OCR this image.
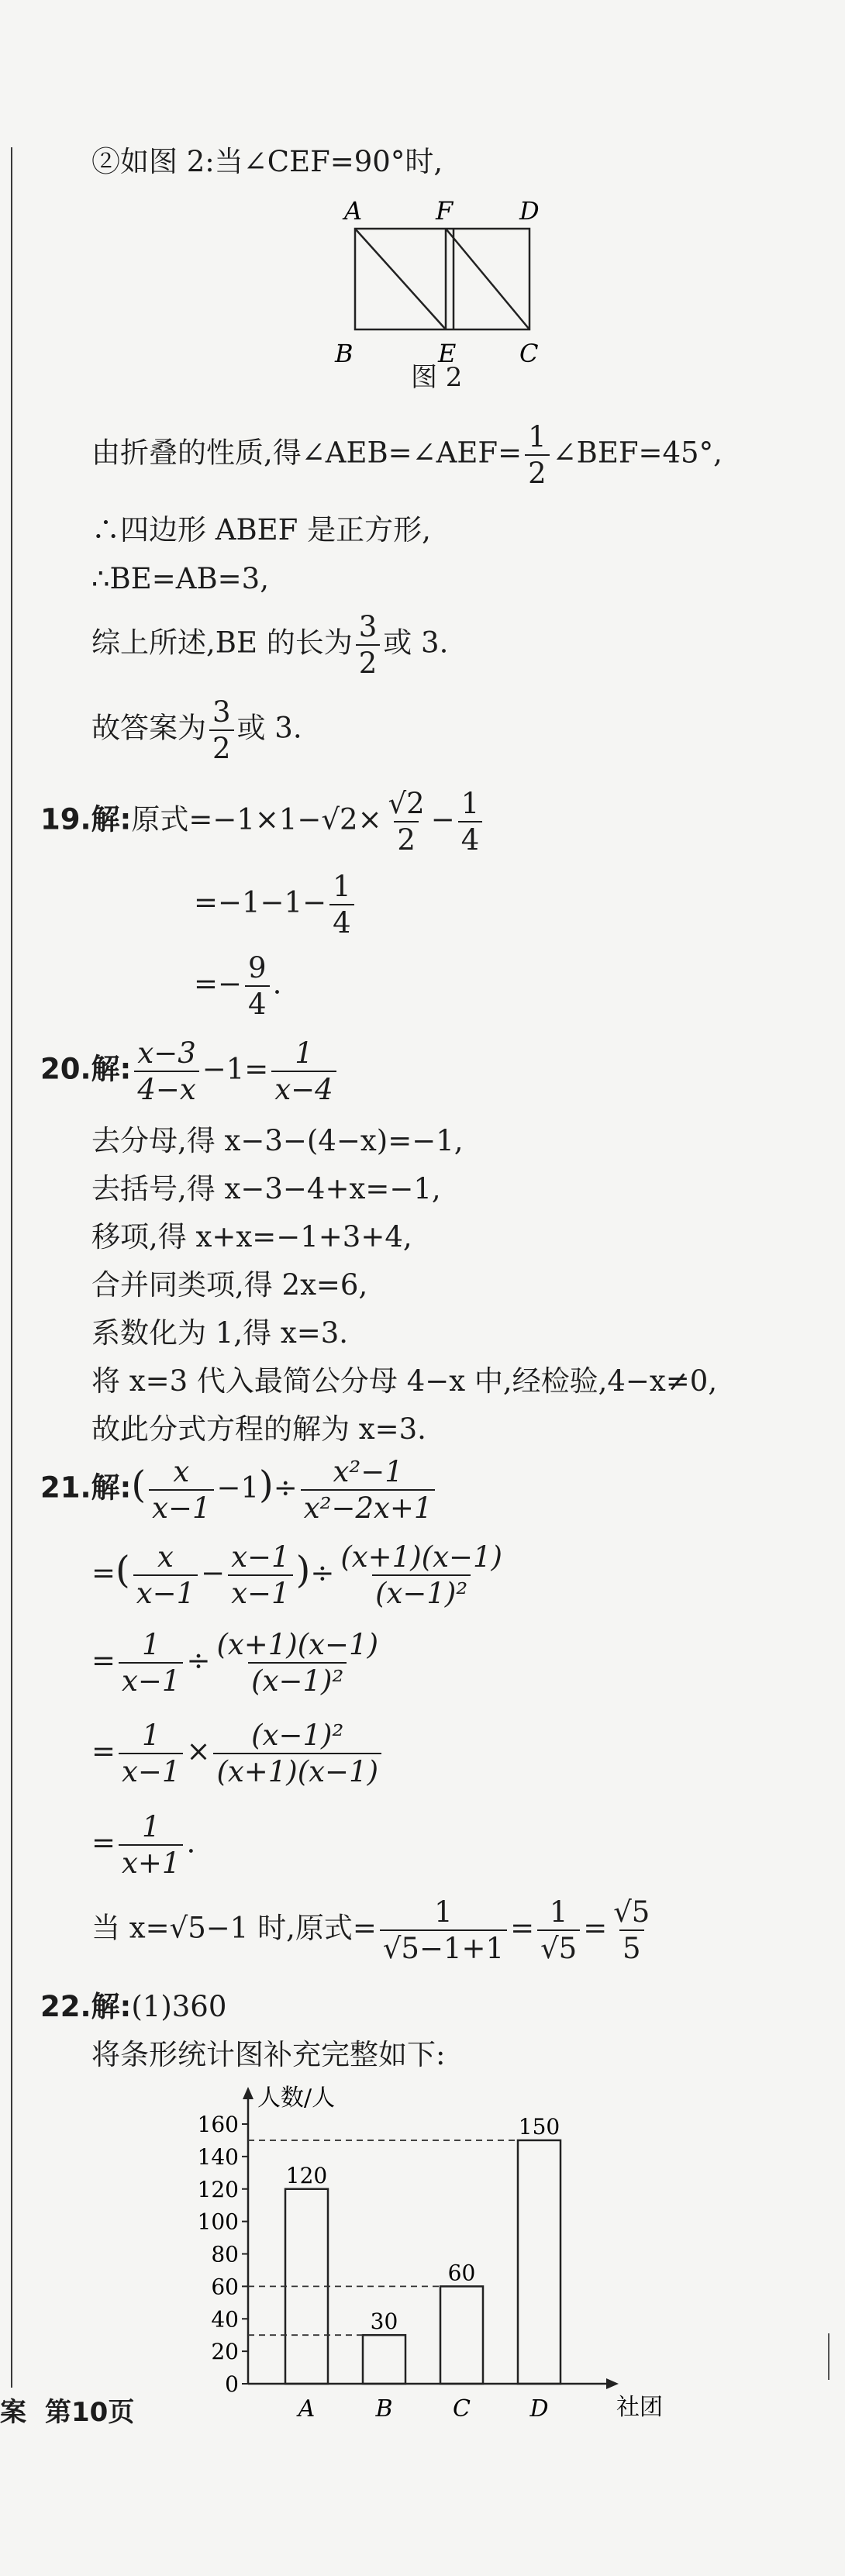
②如图 2:当∠CEF=90°时,
A	F	D
B	E	C
图 2
由折叠的性质,得∠AEB=∠AEF= $\frac{1}{2}$ ∠BEF=45°,
∴四边形 ABEF 是正方形,
∴BE=AB=3,
综上所述,BE 的长为 $\frac{3}{2}$ 或 3.
故答案为 $\frac{3}{2}$ 或 3.
19.解:原式$=-1\times 1-√2\times \frac{√2}{2} - \frac{1}{4}$
$=-1-1- \frac{1}{4}$
=− $\frac{9}{4}$ .
20.解: $\frac{x-3}{4-x} -1= \frac{1}{x-4}$
去分母,得 x−3−(4−x)=−1,
去括号,得 x−3−4+x=−1,
移项,得 x+x=−1+3+4,
合并同类项,得 2x=6,
系数化为 1,得 x=3.
将 x=3 代入最简公分母 4−x 中,经检验,4−x≠0,
故此分式方程的解为 x=3.
21.解:( $\frac{x}{x-1} -1)\div \frac{\text{x²−1}}{\text{x²−2x+1}}$
=( $\frac{x}{x-1} - \frac{x-1}{x-1}$ )÷ $\frac{(x+1)(x-1)}{\text{(x−1)²}}$
= $\frac{1}{x-1} \div \frac{(x+1)(x-1)}{\text{(x−1)²}}$
= $\frac{1}{x-1} \times \frac{\text{(x−1)²}}{(x+1)(x-1)}$
= $\frac{1}{x+1}$ .
当 x=√5−1 时,原式= $\frac{1}{√5-1+1} = \frac{1}{√5} = \frac{√5}{5}$
22.解:(1)360
将条形统计图补充完整如下:
人数/人
社团
0
20
40
60
80
100
120
140
160
120
A
30
B
60
C
150
D
案 第10页
